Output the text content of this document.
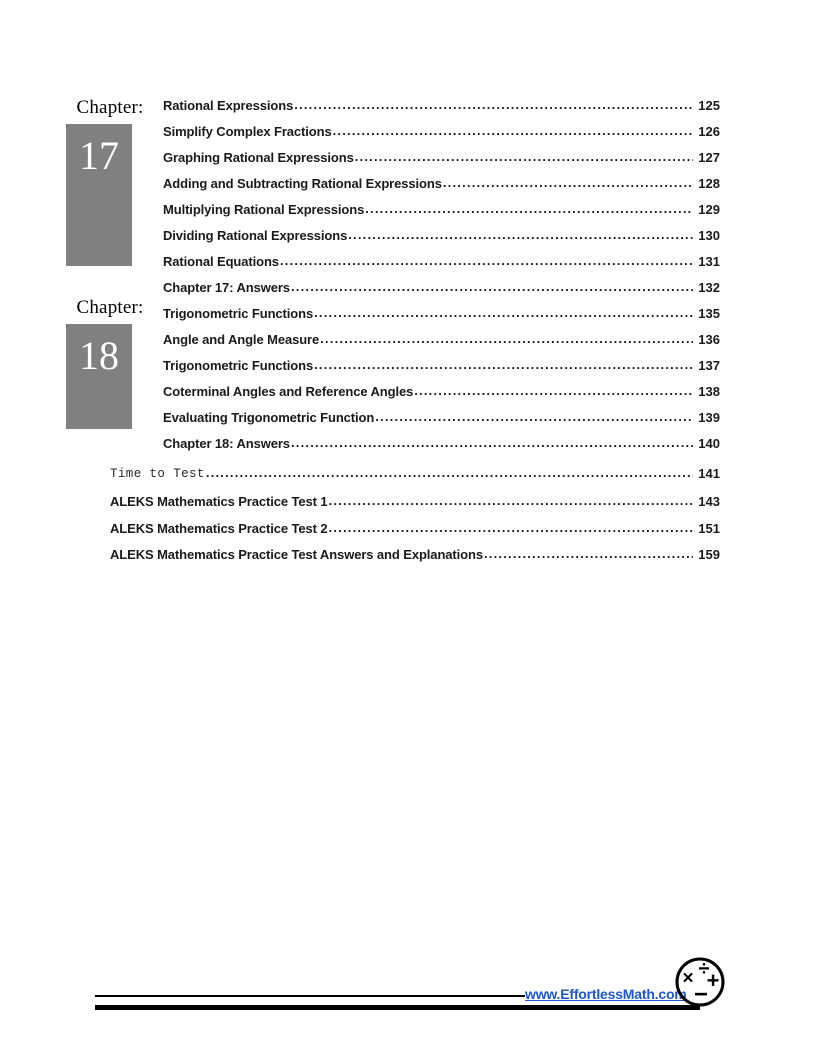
Chapter:
17
Rational Expressions .....	125
Simplify Complex Fractions .....	126
Graphing Rational Expressions .....	127
Adding and Subtracting Rational Expressions .....	128
Multiplying Rational Expressions .....	129
Dividing Rational Expressions .....	130
Rational Equations .....	131
Chapter 17: Answers .....	132
Chapter:
18
Trigonometric Functions .....	135
Angle and Angle Measure .....	136
Trigonometric Functions .....	137
Coterminal Angles and Reference Angles .....	138
Evaluating Trigonometric Function .....	139
Chapter 18: Answers .....	140
Time to Test .....	141
ALEKS Mathematics Practice Test 1 .....	143
ALEKS Mathematics Practice Test 2 .....	151
ALEKS Mathematics Practice Test Answers and Explanations .....	159
www.EffortlessMath.com
× ÷
+
−
